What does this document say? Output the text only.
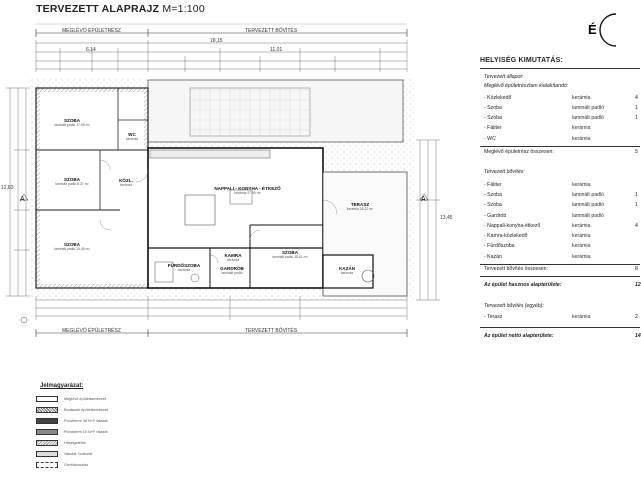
TERVEZETT ALAPRAJZ M=1:100
MEGLÉVŐ ÉPÜLETRÉSZ	TERVEZETT BŐVÍTÉS
MEGLÉVŐ ÉPÜLETRÉSZ	TERVEZETT BŐVÍTÉS
18,15
6,14	11,01
12,83
13,45
A	A
SZOBA
laminált padló 17,95 m²
WC
kerámia
SZOBA
laminált padló 8,37 m²
KÖZL.
kerámia
NAPPALI - KONYHA - ÉTKEZŐ
kerámia 47,95 m²
SZOBA
laminált padló 15,45 m²
FÜRDŐSZOBA
kerámia
KAMRA
kerámia
GARDRÓB
laminált padló
SZOBA
laminált padló 18,61 m²
TERASZ
kerámia 26,12 m²
KAZÁN
kerámia
Jelmagyarázat:
Meglévő épületszerkezet
Bontandó épületszerkezet
Porotherm 38 N+F falazat
Porotherm 10 N+F falazat
Hőszigetelés
Vakolat, burkolat
Gerébkiosztás
É
HELYISÉG KIMUTATÁS:
Tervezett állapot:
Meglévő épületrészben kialakítandó:
- Közlekedő	kerámia	4
- Szoba	laminált padló	1
- Szoba	laminált padló	1
- Fáliter	kerámia
- WC	kerámia
Meglévő épületrész összesen:	5
Tervezett bővítés:
- Fáliter	kerámia
- Szoba	laminált padló	1
- Szoba	laminált padló	1
- Gardrób	laminált padló
- Nappali-konyha-étkező	kerámia	4
- Kamra-közlekedő	kerámia
- Fürdőszoba	kerámia
- Kazán	kerámia
Tervezett bővítés összesen:	8
Az épület hasznos alapterülete:	12
Tervezett bővítés (egyéb):
- Terasz	kerámia	2
Az épület nettó alapterülete:	14
